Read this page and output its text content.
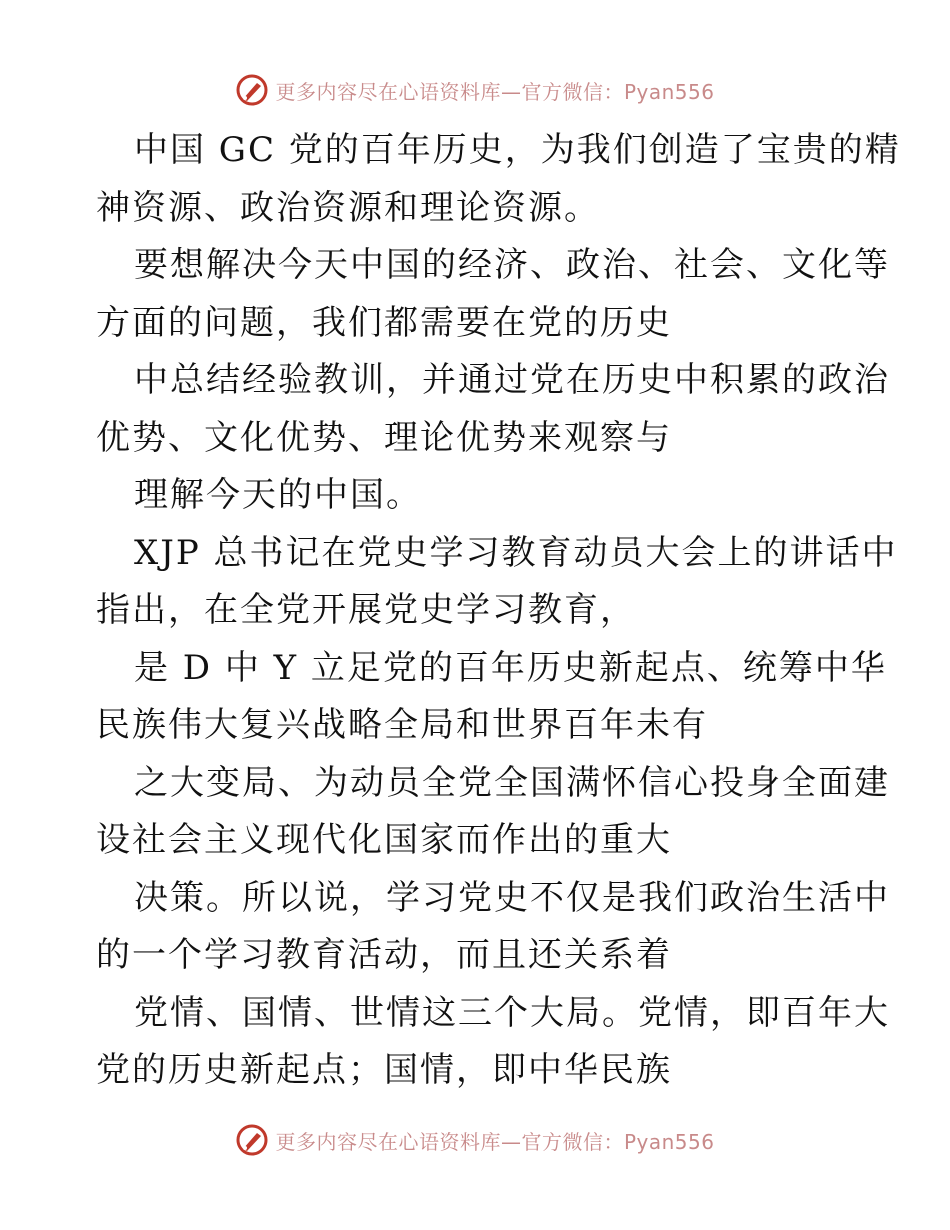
更多内容尽在心语资料库—官方微信：Pyan556
中国 GC 党的百年历史，为我们创造了宝贵的精
神资源、政治资源和理论资源。
要想解决今天中国的经济、政治、社会、文化等
方面的问题，我们都需要在党的历史
中总结经验教训，并通过党在历史中积累的政治
优势、文化优势、理论优势来观察与
理解今天的中国。
XJP 总书记在党史学习教育动员大会上的讲话中
指出，在全党开展党史学习教育，
是 D 中 Y 立足党的百年历史新起点、统筹中华
民族伟大复兴战略全局和世界百年未有
之大变局、为动员全党全国满怀信心投身全面建
设社会主义现代化国家而作出的重大
决策。所以说，学习党史不仅是我们政治生活中
的一个学习教育活动，而且还关系着
党情、国情、世情这三个大局。党情，即百年大
党的历史新起点；国情，即中华民族
更多内容尽在心语资料库—官方微信：Pyan556
